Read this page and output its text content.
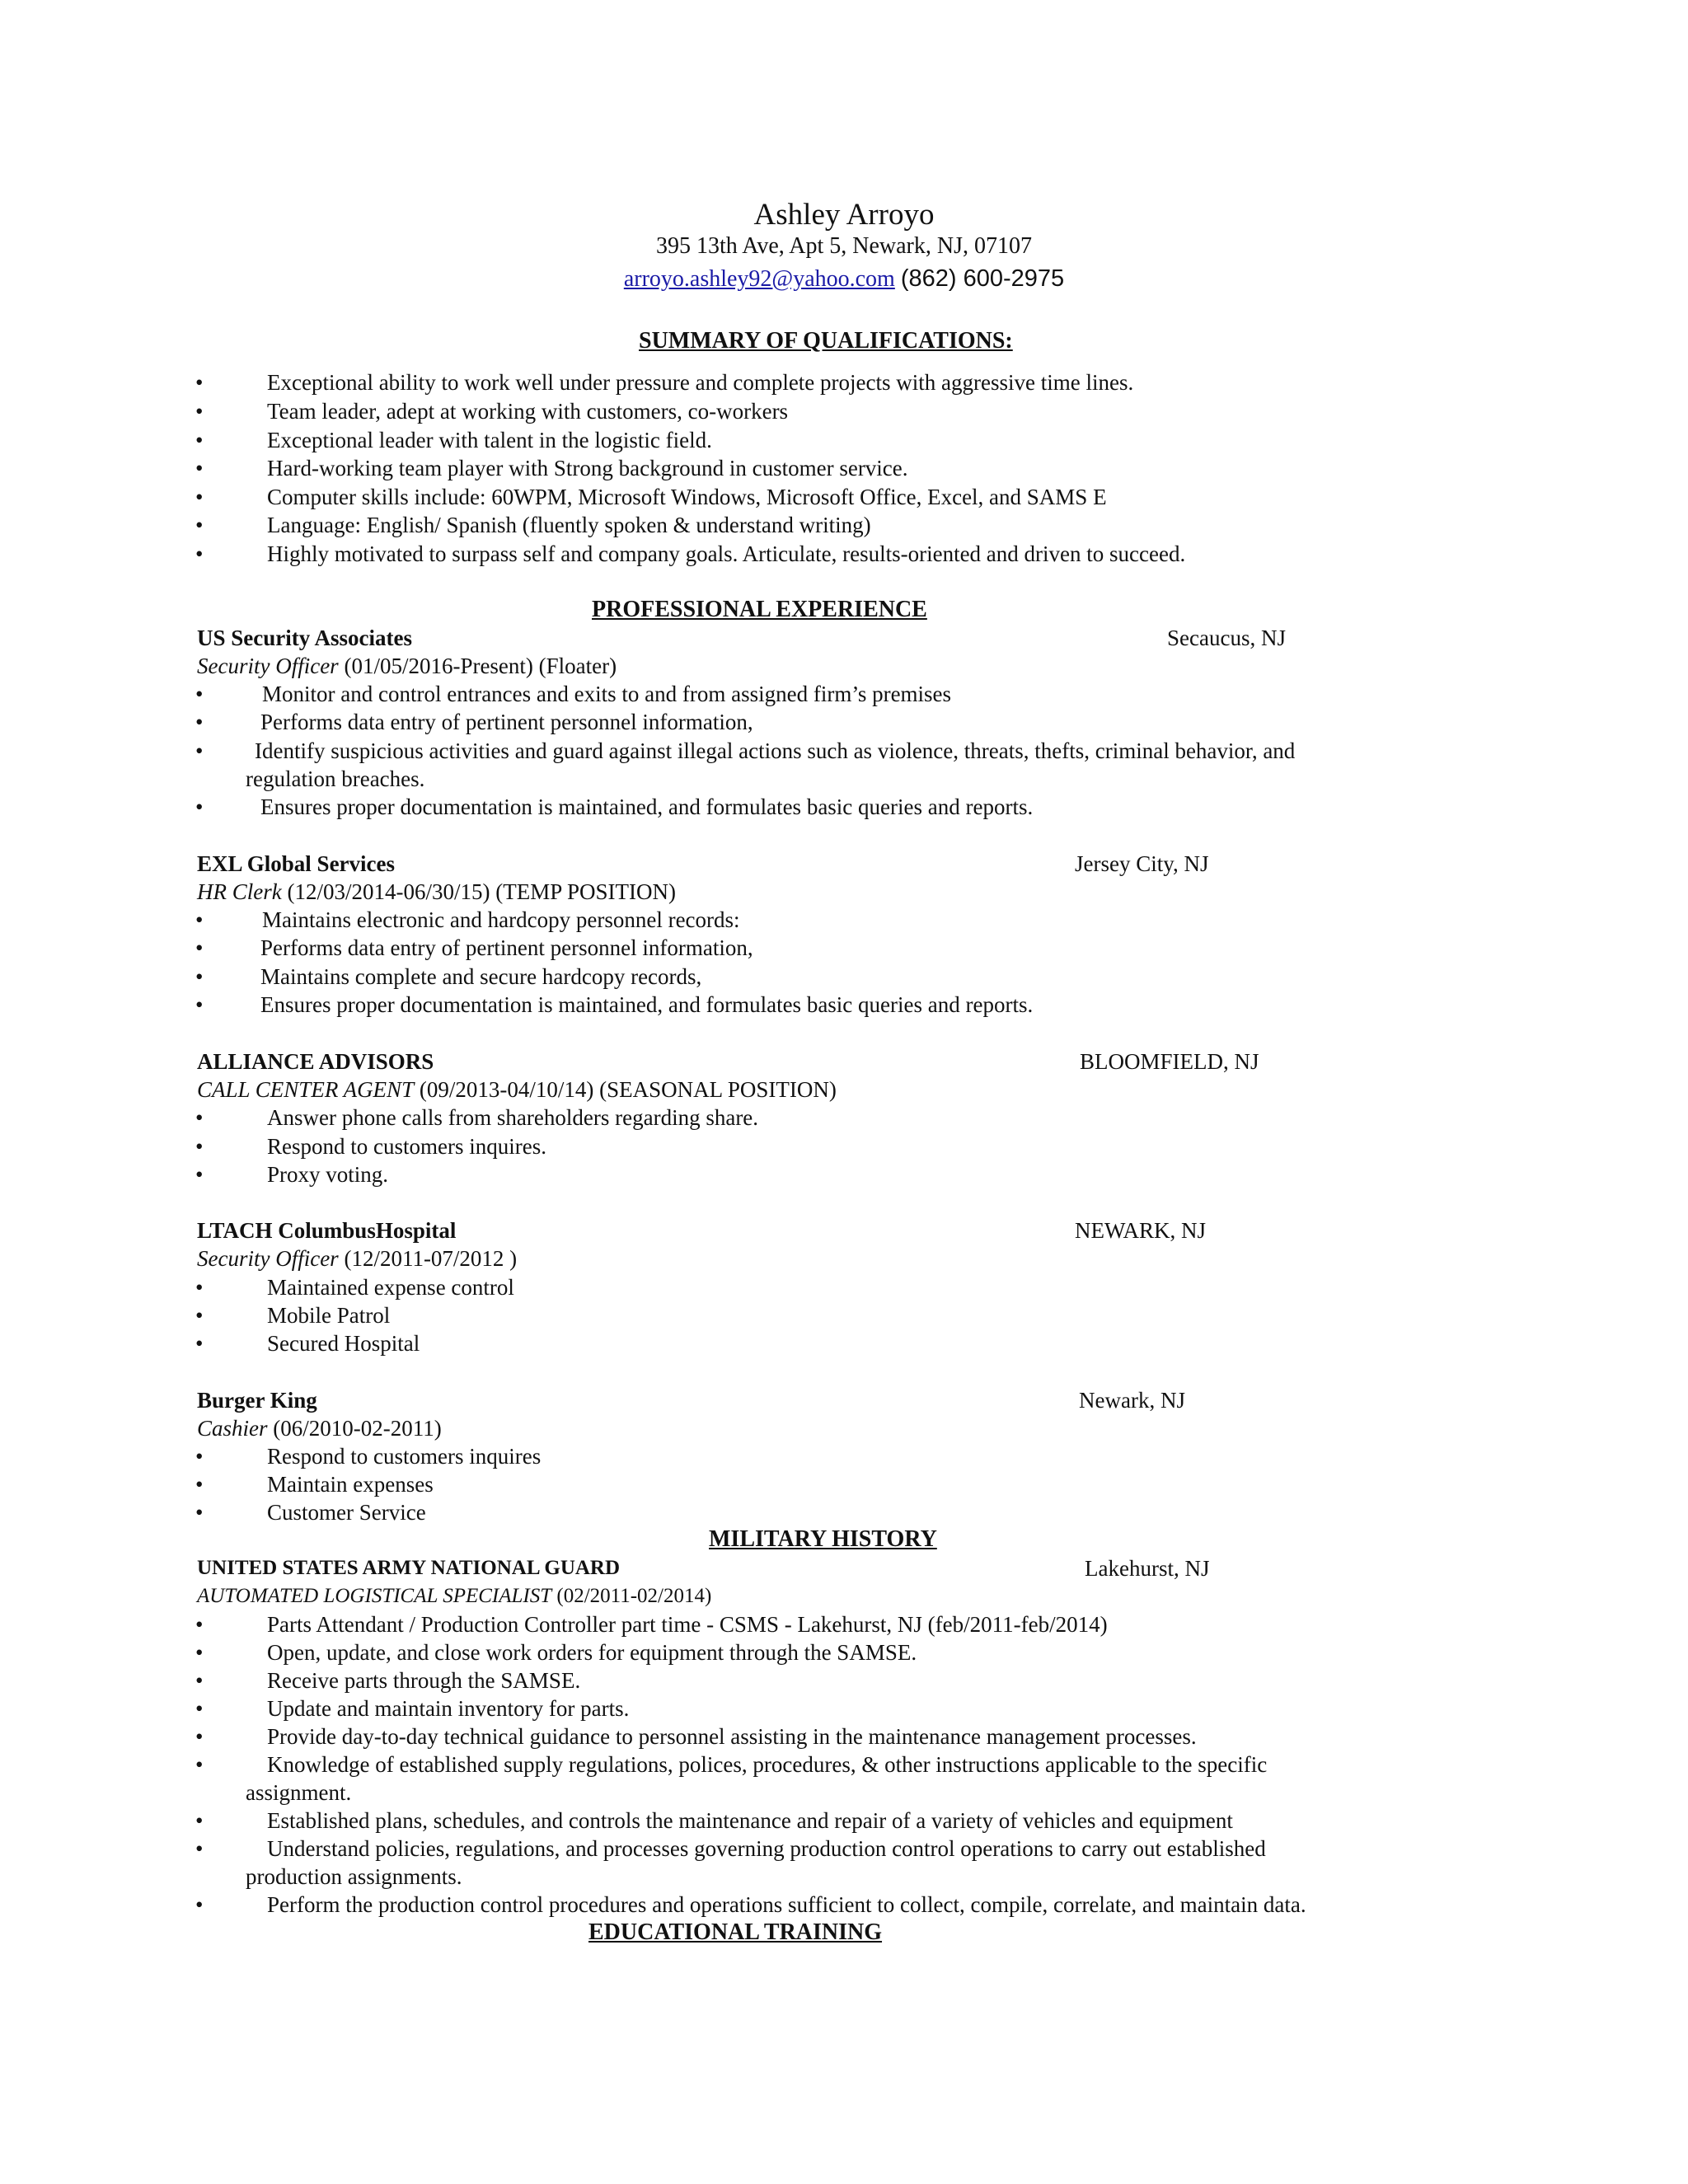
Ashley Arroyo
395 13th Ave, Apt 5, Newark, NJ, 07107
arroyo.ashley92@yahoo.com (862) 600-2975
SUMMARY OF QUALIFICATIONS:
•	Exceptional ability to work well under pressure and complete projects with aggressive time lines.
•	Team leader, adept at working with customers, co-workers
•	Exceptional leader with talent in the logistic field.
•	Hard-working team player with Strong background in customer service.
•	Computer skills include: 60WPM, Microsoft Windows, Microsoft Office, Excel, and SAMS E
•	Language: English/ Spanish (fluently spoken & understand writing)
•	Highly motivated to surpass self and company goals. Articulate, results-oriented and driven to succeed.
PROFESSIONAL EXPERIENCE
US Security Associates	Secaucus, NJ
Security Officer (01/05/2016-Present) (Floater)
•	Monitor and control entrances and exits to and from assigned firm’s premises
•	Performs data entry of pertinent personnel information,
• Identify suspicious activities and guard against illegal actions such as violence, threats, thefts, criminal behavior, and
regulation breaches.
•	Ensures proper documentation is maintained, and formulates basic queries and reports.
EXL Global Services	Jersey City, NJ
HR Clerk (12/03/2014-06/30/15) (TEMP POSITION)
•	Maintains electronic and hardcopy personnel records:
•	Performs data entry of pertinent personnel information,
•	Maintains complete and secure hardcopy records,
•	Ensures proper documentation is maintained, and formulates basic queries and reports.
ALLIANCE ADVISORS	BLOOMFIELD, NJ
CALL CENTER AGENT (09/2013-04/10/14) (SEASONAL POSITION)
•	Answer phone calls from shareholders regarding share.
•	Respond to customers inquires.
•	Proxy voting.
LTACH ColumbusHospital	NEWARK, NJ
Security Officer (12/2011-07/2012 )
•	Maintained expense control
•	Mobile Patrol
•	Secured Hospital
Burger King	Newark, NJ
Cashier (06/2010-02-2011)
•	Respond to customers inquires
•	Maintain expenses
•	Customer Service
MILITARY HISTORY
UNITED STATES ARMY NATIONAL GUARD	Lakehurst, NJ
AUTOMATED LOGISTICAL SPECIALIST (02/2011-02/2014)
•	Parts Attendant / Production Controller part time - CSMS - Lakehurst, NJ (feb/2011-feb/2014)
•	Open, update, and close work orders for equipment through the SAMSE.
•	Receive parts through the SAMSE.
•	Update and maintain inventory for parts.
•	Provide day-to-day technical guidance to personnel assisting in the maintenance management processes.
•	Knowledge of established supply regulations, polices, procedures, & other instructions applicable to the specific
assignment.
•	Established plans, schedules, and controls the maintenance and repair of a variety of vehicles and equipment
•	Understand policies, regulations, and processes governing production control operations to carry out established
production assignments.
•	Perform the production control procedures and operations sufficient to collect, compile, correlate, and maintain data.
EDUCATIONAL TRAINING
